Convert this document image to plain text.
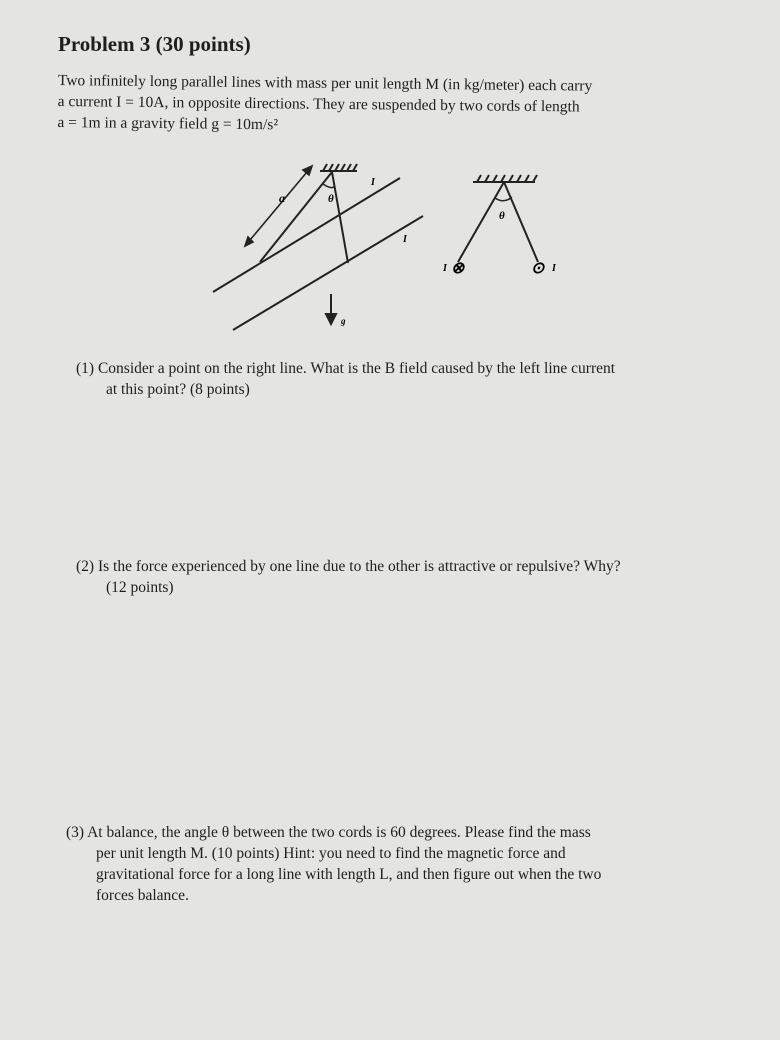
Problem 3 (30 points)
Two infinitely long parallel lines with mass per unit length M (in kg/meter) each carry
a current I = 10A, in opposite directions. They are suspended by two cords of length
a = 1m in a gravity field g = 10m/s²
a	θ
I
I
g
θ
I ⊗	⊙ I
(1) Consider a point on the right line. What is the B field caused by the left line current
at this point? (8 points)
(2) Is the force experienced by one line due to the other is attractive or repulsive? Why?
(12 points)
(3) At balance, the angle θ between the two cords is 60 degrees. Please find the mass
per unit length M. (10 points) Hint: you need to find the magnetic force and
gravitational force for a long line with length L, and then figure out when the two
forces balance.
